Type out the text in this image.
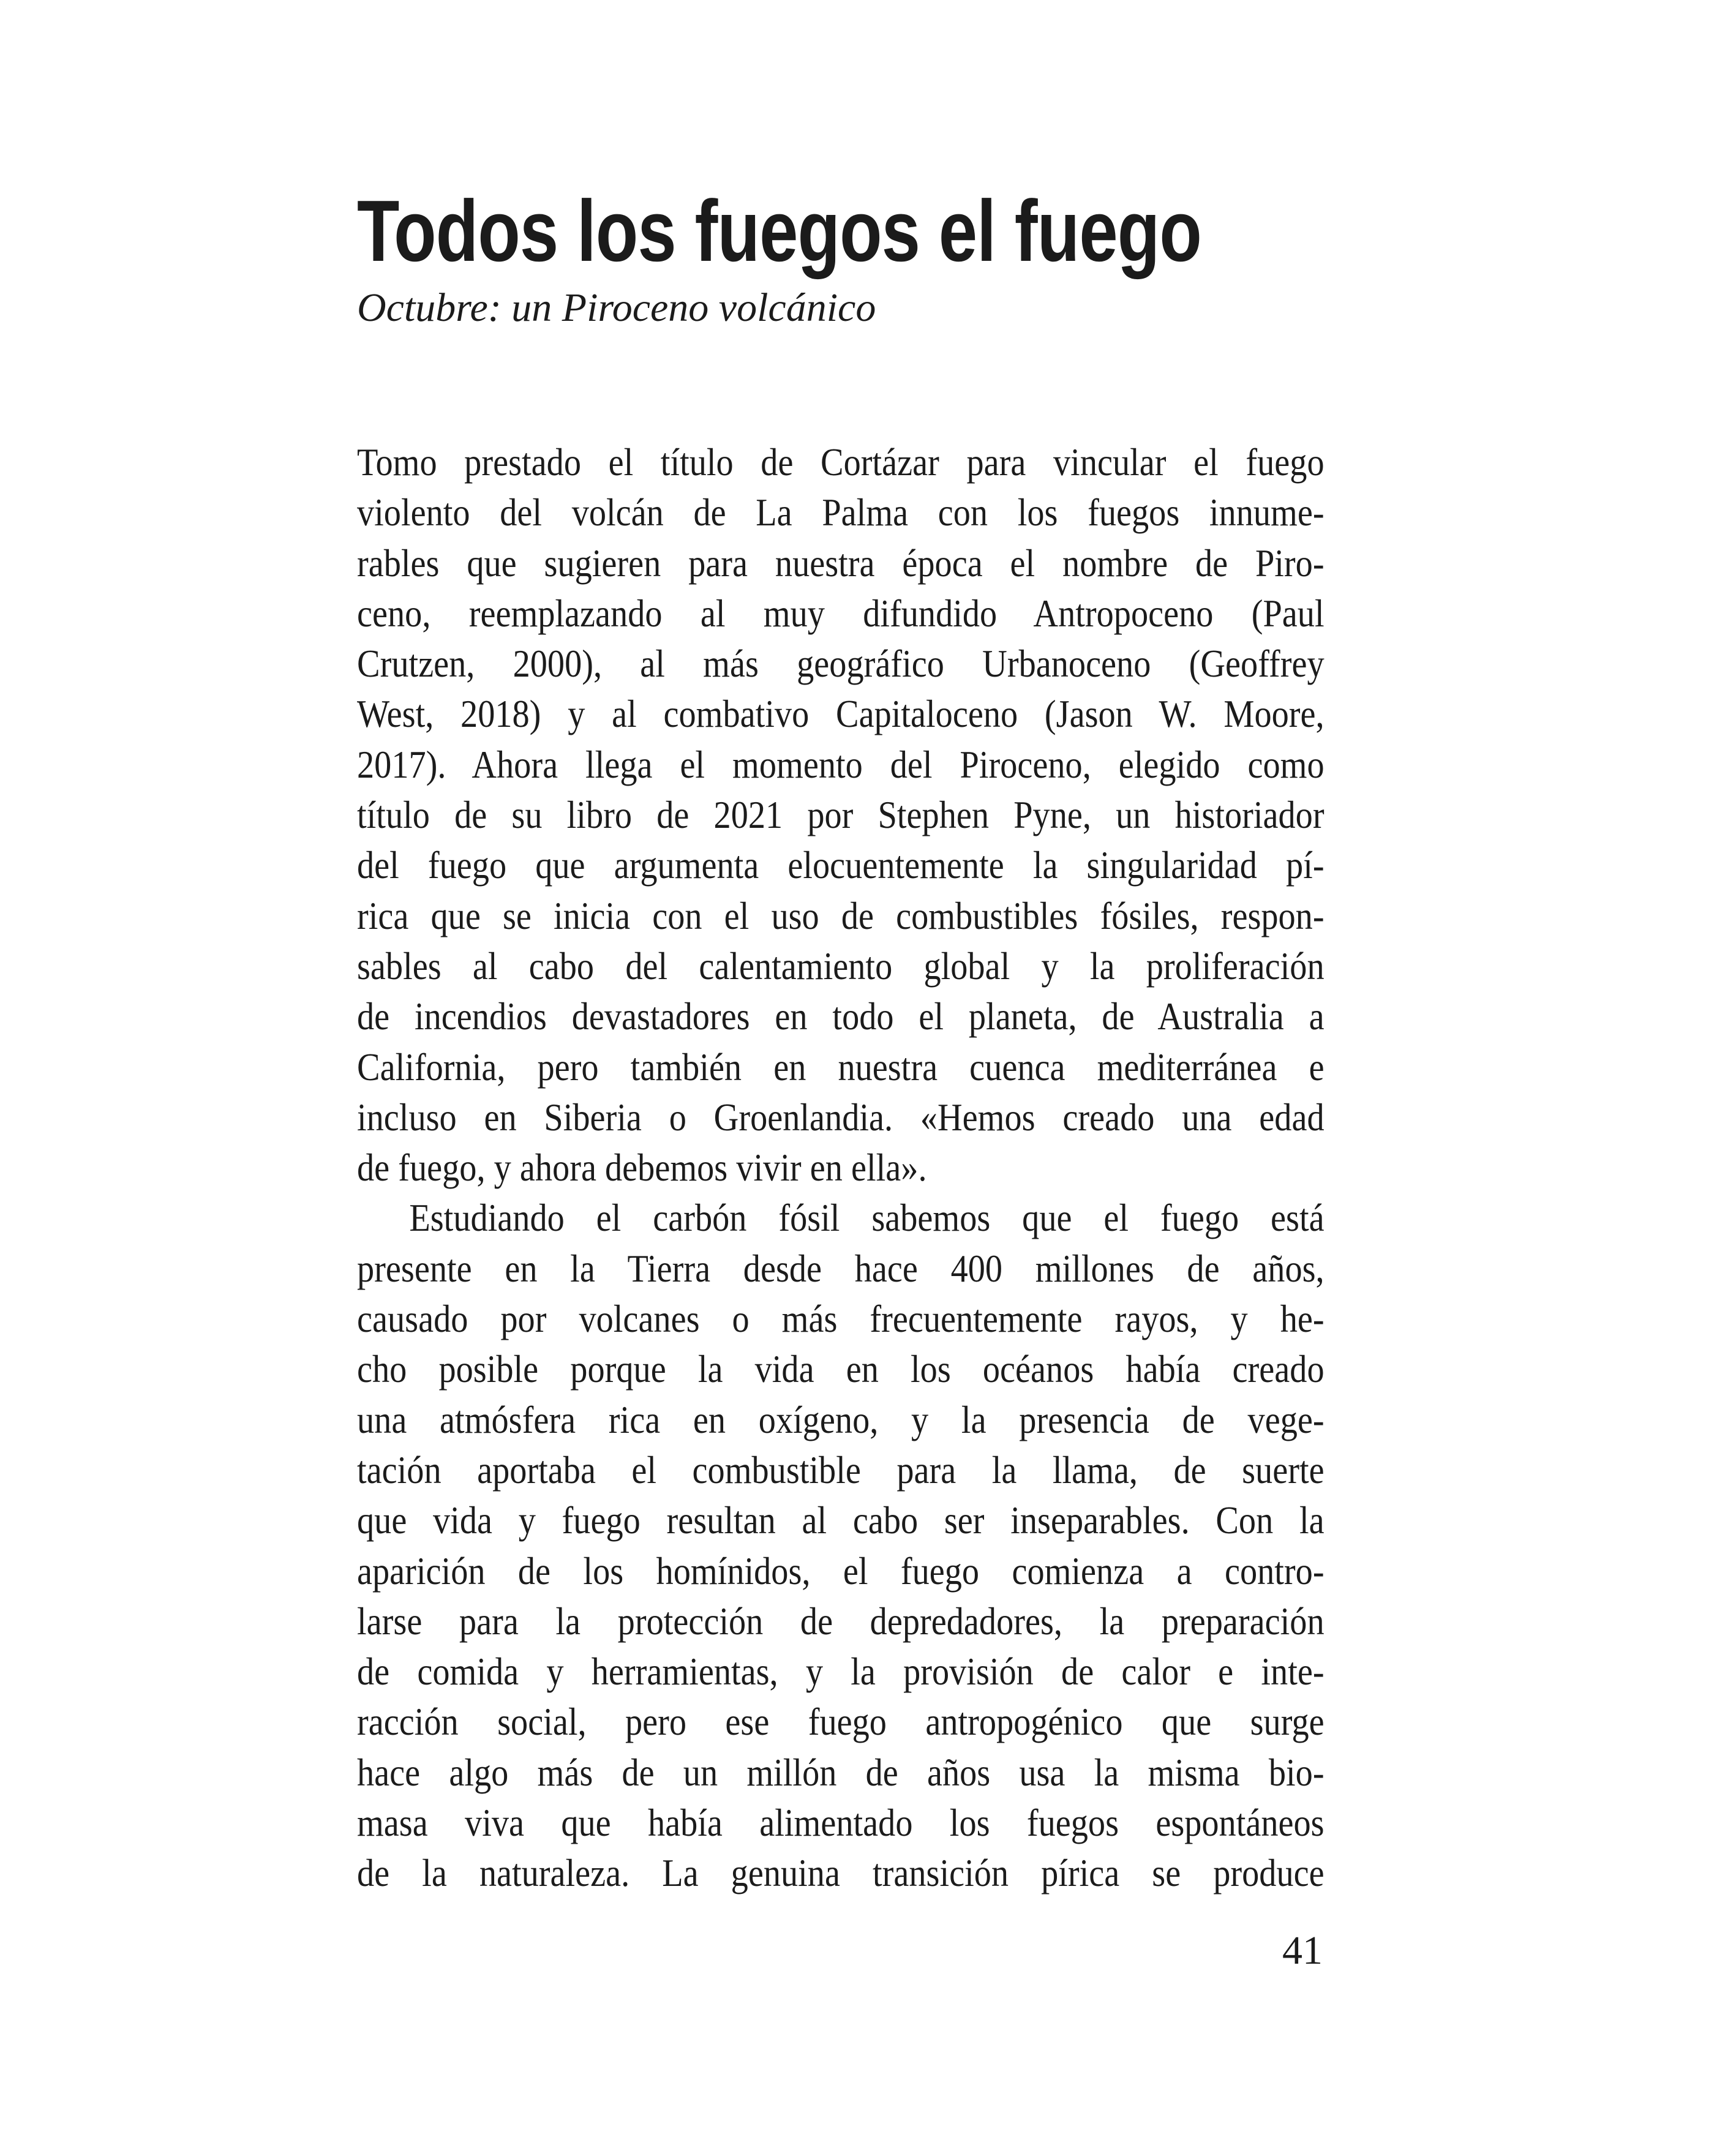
Todos los fuegos el fuego
Octubre: un Piroceno volcánico
Tomo prestado el título de Cortázar para vincular el fuego
violento del volcán de La Palma con los fuegos innume-
rables que sugieren para nuestra época el nombre de Piro-
ceno, reemplazando al muy difundido Antropoceno (Paul
Crutzen, 2000), al más geográfico Urbanoceno (Geoffrey
West, 2018) y al combativo Capitaloceno (Jason W. Moore,
2017). Ahora llega el momento del Piroceno, elegido como
título de su libro de 2021 por Stephen Pyne, un historiador
del fuego que argumenta elocuentemente la singularidad pí-
rica que se inicia con el uso de combustibles fósiles, respon-
sables al cabo del calentamiento global y la proliferación
de incendios devastadores en todo el planeta, de Australia a
California, pero también en nuestra cuenca mediterránea e
incluso en Siberia o Groenlandia. «Hemos creado una edad
de fuego, y ahora debemos vivir en ella».
Estudiando el carbón fósil sabemos que el fuego está
presente en la Tierra desde hace 400 millones de años,
causado por volcanes o más frecuentemente rayos, y he-
cho posible porque la vida en los océanos había creado
una atmósfera rica en oxígeno, y la presencia de vege-
tación aportaba el combustible para la llama, de suerte
que vida y fuego resultan al cabo ser inseparables. Con la
aparición de los homínidos, el fuego comienza a contro-
larse para la protección de depredadores, la preparación
de comida y herramientas, y la provisión de calor e inte-
racción social, pero ese fuego antropogénico que surge
hace algo más de un millón de años usa la misma bio-
masa viva que había alimentado los fuegos espontáneos
de la naturaleza. La genuina transición pírica se produce
41
